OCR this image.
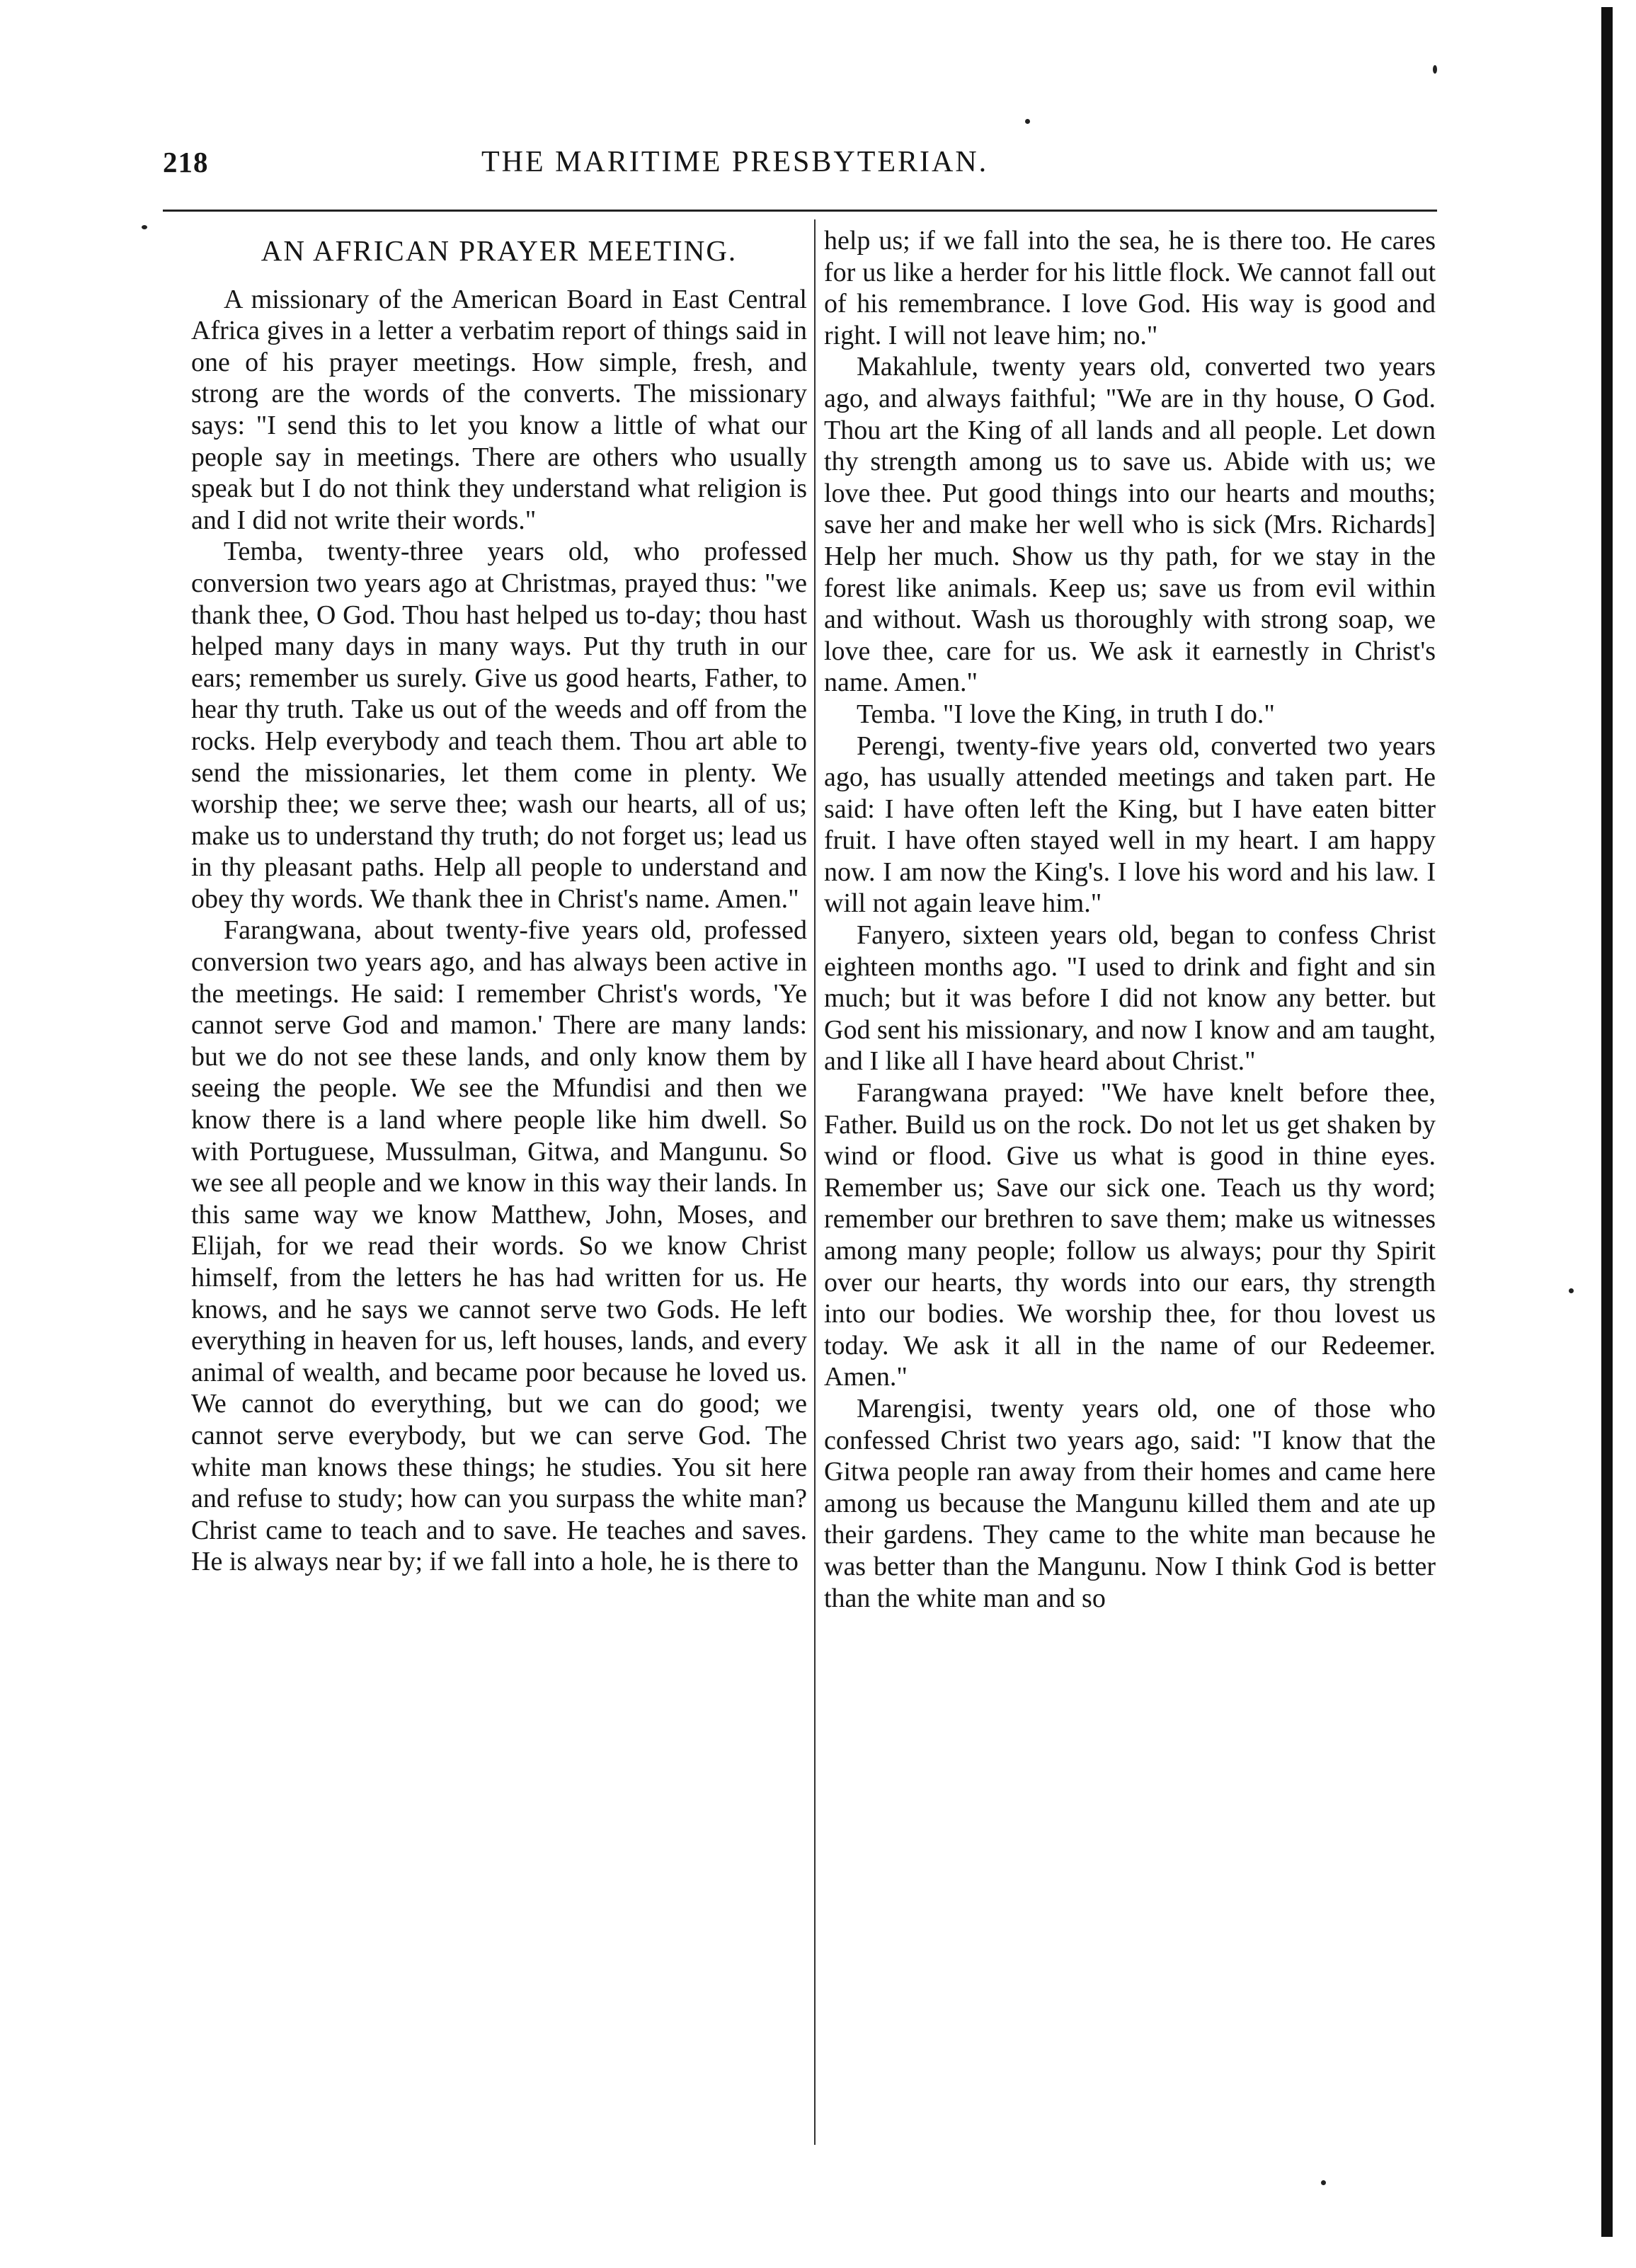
218	THE MARITIME PRESBYTERIAN.
AN AFRICAN PRAYER MEETING.

A missionary of the American Board in East Central Africa gives in a letter a verbatim report of things said in one of his prayer meetings. How simple, fresh, and strong are the words of the converts. The missionary says: "I send this to let you know a little of what our people say in meetings. There are others who usually speak but I do not think they understand what religion is and I did not write their words."

Temba, twenty-three years old, who professed conversion two years ago at Christmas, prayed thus: "we thank thee, O God. Thou hast helped us to-day; thou hast helped many days in many ways. Put thy truth in our ears; remember us surely. Give us good hearts, Father, to hear thy truth. Take us out of the weeds and off from the rocks. Help everybody and teach them. Thou art able to send the missionaries, let them come in plenty. We worship thee; we serve thee; wash our hearts, all of us; make us to understand thy truth; do not forget us; lead us in thy pleasant paths. Help all people to understand and obey thy words. We thank thee in Christ's name. Amen."

Farangwana, about twenty-five years old, professed conversion two years ago, and has always been active in the meetings. He said: I remember Christ's words, 'Ye cannot serve God and mamon.' There are many lands: but we do not see these lands, and only know them by seeing the people. We see the Mfundisi and then we know there is a land where people like him dwell. So with Portuguese, Mussulman, Gitwa, and Mangunu. So we see all people and we know in this way their lands. In this same way we know Matthew, John, Moses, and Elijah, for we read their words. So we know Christ himself, from the letters he has had written for us. He knows, and he says we cannot serve two Gods. He left everything in heaven for us, left houses, lands, and every animal of wealth, and became poor because he loved us. We cannot do everything, but we can do good; we cannot serve everybody, but we can serve God. The white man knows these things; he studies. You sit here and refuse to study; how can you surpass the white man? Christ came to teach and to save. He teaches and saves. He is always near by; if we fall into a hole, he is there to

help us; if we fall into the sea, he is there too. He cares for us like a herder for his little flock. We cannot fall out of his remembrance. I love God. His way is good and right. I will not leave him; no."

Makahlule, twenty years old, converted two years ago, and always faithful; "We are in thy house, O God. Thou art the King of all lands and all people. Let down thy strength among us to save us. Abide with us; we love thee. Put good things into our hearts and mouths; save her and make her well who is sick (Mrs. Richards] Help her much. Show us thy path, for we stay in the forest like animals. Keep us; save us from evil within and without. Wash us thoroughly with strong soap, we love thee, care for us. We ask it earnestly in Christ's name. Amen."

Temba. "I love the King, in truth I do."

Perengi, twenty-five years old, converted two years ago, has usually attended meetings and taken part. He said: I have often left the King, but I have eaten bitter fruit. I have often stayed well in my heart. I am happy now. I am now the King's. I love his word and his law. I will not again leave him."

Fanyero, sixteen years old, began to confess Christ eighteen months ago. "I used to drink and fight and sin much; but it was before I did not know any better. but God sent his missionary, and now I know and am taught, and I like all I have heard about Christ."

Farangwana prayed: "We have knelt before thee, Father. Build us on the rock. Do not let us get shaken by wind or flood. Give us what is good in thine eyes. Remember us; Save our sick one. Teach us thy word; remember our brethren to save them; make us witnesses among many people; follow us always; pour thy Spirit over our hearts, thy words into our ears, thy strength into our bodies. We worship thee, for thou lovest us today. We ask it all in the name of our Redeemer. Amen."

Marengisi, twenty years old, one of those who confessed Christ two years ago, said: "I know that the Gitwa people ran away from their homes and came here among us because the Mangunu killed them and ate up their gardens. They came to the white man because he was better than the Mangunu. Now I think God is better than the white man and so
